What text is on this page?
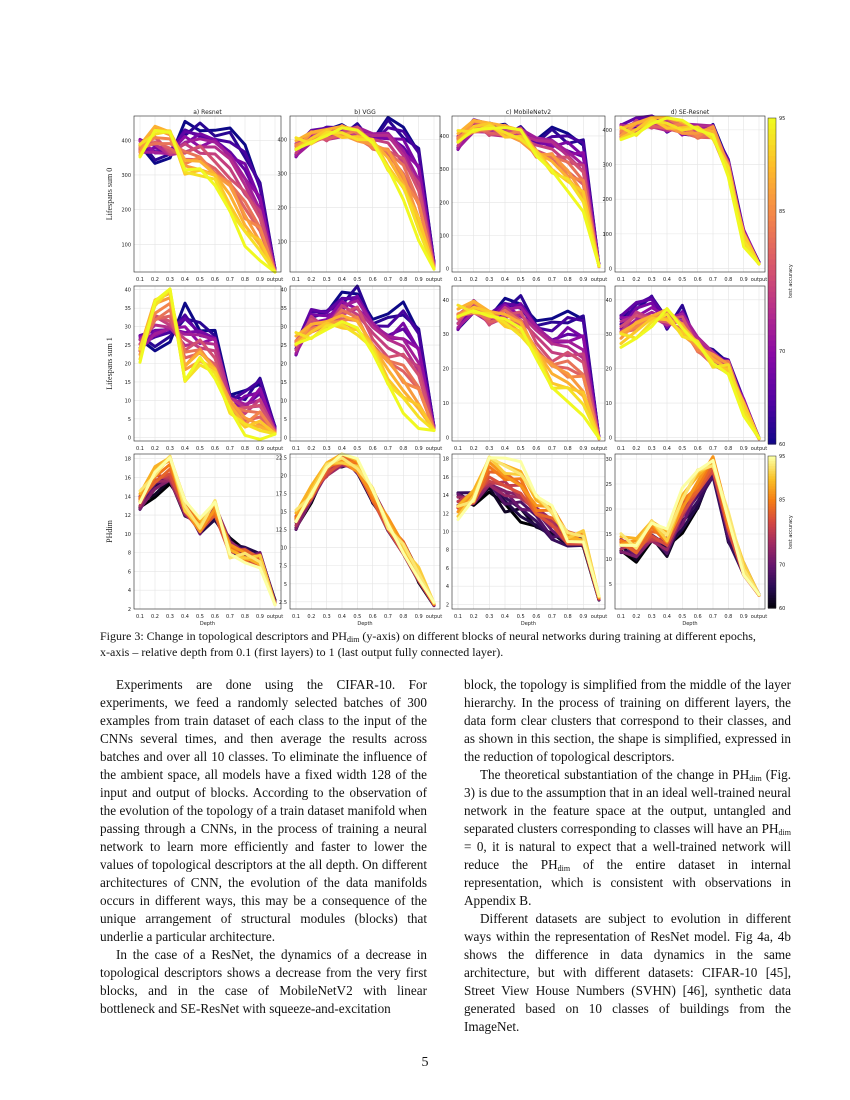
100
200
300
400
0.1 0.2 0.3 0.4 0.5 0.6 0.7 0.8 0.9 output
a) Resnet
100
200
300
400
0.1 0.2 0.3 0.4 0.5 0.6 0.7 0.8 0.9 output
b) VGG
0
100
200
300
400
0.1 0.2 0.3 0.4 0.5 0.6 0.7 0.8 0.9 output
c) MobileNetv2
0
100
200
300
400
0.1 0.2 0.3 0.4 0.5 0.6 0.7 0.8 0.9 output
d) SE-Resnet
0
5
10
15
20
25
30
35
40
0.1 0.2 0.3 0.4 0.5 0.6 0.7 0.8 0.9 output
0
5
10
15
20
25
30
35
40
0.1 0.2 0.3 0.4 0.5 0.6 0.7 0.8 0.9 output
0
10
20
30
40
0.1 0.2 0.3 0.4 0.5 0.6 0.7 0.8 0.9 output
0
10
20
30
40
0.1 0.2 0.3 0.4 0.5 0.6 0.7 0.8 0.9 output
2
4
6
8
10
12
14
16
18
0.1 0.2 0.3 0.4 0.5 0.6 0.7 0.8 0.9 output
Depth
2.5
5
7.5
10
12.5
15
17.5
20
22.5
0.1 0.2 0.3 0.4 0.5 0.6 0.7 0.8 0.9 output
Depth
2
4
6
8
10
12
14
16
18
0.1 0.2 0.3 0.4 0.5 0.6 0.7 0.8 0.9 output
Depth
5
10
15
20
25
30
0.1 0.2 0.3 0.4 0.5 0.6 0.7 0.8 0.9 output
Depth
Lifespans sum 0
Lifespans sum 1
PHdim
95
85
70
60
test accuracy
95
85
70
60
test accuracy
Figure 3: Change in topological descriptors and $PH_{dim}$ (y-axis) on different blocks of neural networks during training at different epochs, x-axis – relative depth from 0.1 (first layers) to 1 (last output fully connected layer).

Experiments are done using the CIFAR-10. For experiments, we feed a randomly selected batches of 300 examples from train dataset of each class to the input of the CNNs several times, and then average the results across batches and over all 10 classes. To eliminate the influence of the ambient space, all models have a fixed width 128 of the input and output of blocks. According to the observation of the evolution of the topology of a train dataset manifold when passing through a CNNs, in the process of training a neural network to learn more efficiently and faster to lower the values of topological descriptors at the all depth. On different architectures of CNN, the evolution of the data manifolds occurs in different ways, this may be a consequence of the unique arrangement of structural modules (blocks) that underlie a particular architecture.

In the case of a ResNet, the dynamics of a decrease in topological descriptors shows a decrease from the very first blocks, and in the case of MobileNetV2 with linear bottleneck and SE-ResNet with squeeze-and-excitation

block, the topology is simplified from the middle of the layer hierarchy. In the process of training on different layers, the data form clear clusters that correspond to their classes, and as shown in this section, the shape is simplified, expressed in the reduction of topological descriptors.

The theoretical substantiation of the change in $PH_{dim}$ (Fig. 3) is due to the assumption that in an ideal well-trained neural network in the feature space at the output, untangled and separated clusters corresponding to classes will have an $PH_{dim} = 0$, it is natural to expect that a well-trained network will reduce the $PH_{dim}$ of the entire dataset in internal representation, which is consistent with observations in Appendix B.

Different datasets are subject to evolution in different ways within the representation of ResNet model. Fig 4a, 4b shows the difference in data dynamics in the same architecture, but with different datasets: CIFAR-10 [45], Street View House Numbers (SVHN) [46], synthetic data generated based on 10 classes of buildings from the ImageNet.

5
